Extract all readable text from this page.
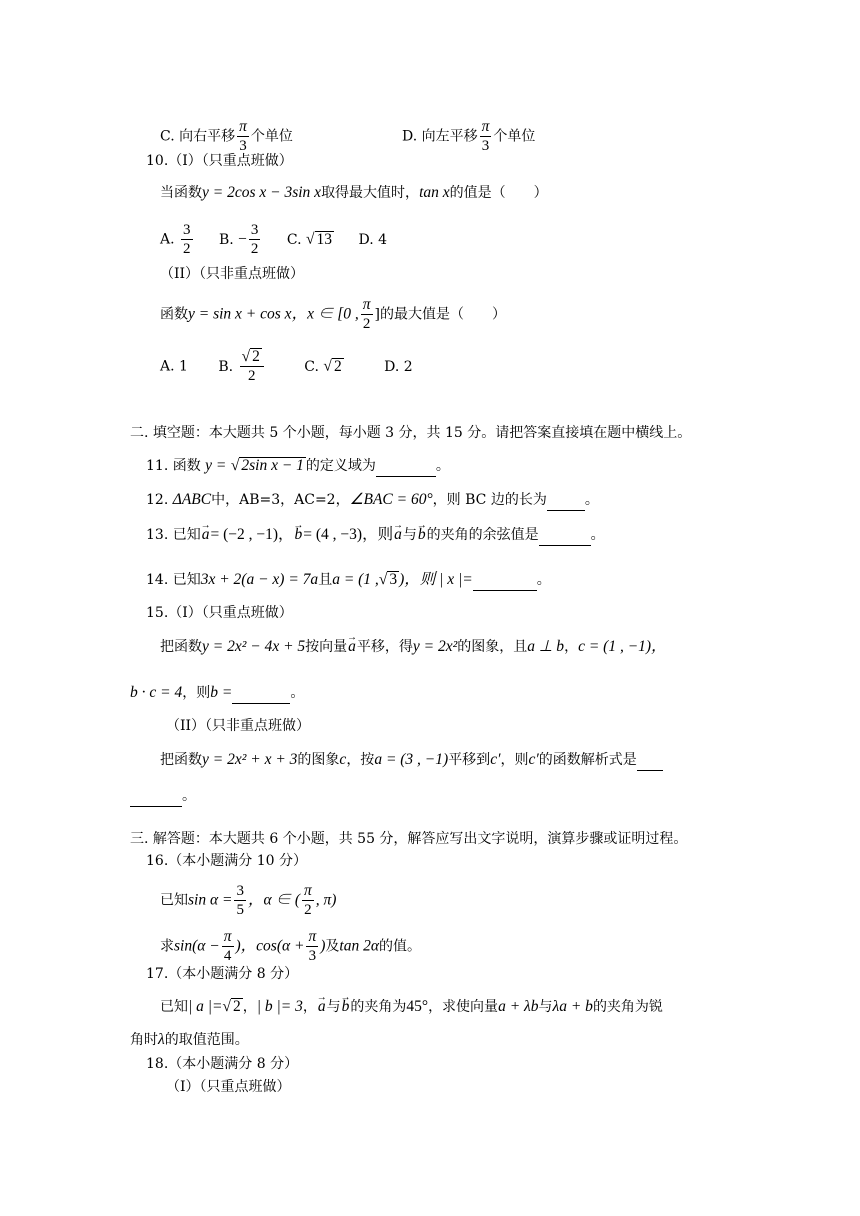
C. 向右平移 $\frac{\pi}{3}$ 个单位	D. 向左平移 $\frac{\pi}{3}$ 个单位
10.（I）（只重点班做）
当函数y = 2cos x − 3sin x取得最大值时，tan x的值是（　　）
A. $\frac{3}{2} B$. − $\frac{3}{2} C$. √ 13 D. 4
（II）（只非重点班做）
函数y = sin x + cos x，x ∈ [0 , $\frac{\pi}{2}$ ]的最大值是（　　）
A. 1 B. $\frac{√ 2}{2}$	C. √ 2	D. 2
二. 填空题：本大题共 5 个小题，每小题 3 分，共 15 分。请把答案直接填在题中横线上。
11. 函数 y = √ 2sin x − 1 的定义域为	。
12. ΔABC中，AB=3，AC=2，∠BAC = 60°，则 BC 边的长为	。
13. 已知→ a= (−2 , −1)，→ b= (4 , −3)，则→ a与→ b的夹角的余弦值是	。
14. 已知3x + 2(a − x) = 7a且a = (1 ,√ 3 )，则 | x |=	。
15.（I）（只重点班做）
把函数y = 2x² − 4x + 5按向量→ a平移，得y = 2x²的图象，且a ⊥ b，c = (1 , −1)，
b · c = 4，则b =	。
（II）（只非重点班做）
把函数y = 2x² + x + 3的图象c，按a = (3 , −1)平移到c′，则c′的函数解析式是
。
三. 解答题：本大题共 6 个小题，共 55 分，解答应写出文字说明，演算步骤或证明过程。
16.（本小题满分 10 分）
已知$\sin \alpha = \frac{3}{5}$ ，α ∈ ( $\frac{\pi}{2}$ , π)
求$\sin(\alpha - \frac{\pi}{4}$ )，$\cos(\alpha + \frac{\pi}{3}$ )及tan 2α的值。
17.（本小题满分 8 分）
已知| a |=√ 2 ，| b |= 3，→ a与→ b的夹角为45°，求使向量a + λb与λa + b的夹角为锐
角时λ的取值范围。
18.（本小题满分 8 分）
（I）（只重点班做）
